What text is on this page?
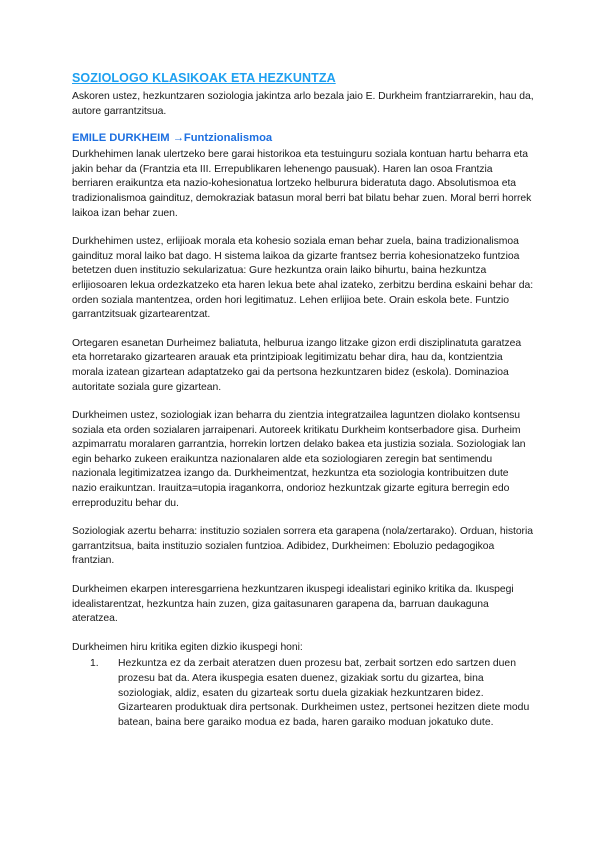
SOZIOLOGO KLASIKOAK ETA HEZKUNTZA

Askoren ustez, hezkuntzaren soziologia jakintza arlo bezala jaio E. Durkheim frantziarrarekin, hau da, autore garrantzitsua.

EMILE DURKHEIM →Funtzionalismoa

Durkhehimen lanak ulertzeko bere garai historikoa eta testuinguru soziala kontuan hartu beharra eta jakin behar da (Frantzia eta III. Errepublikaren lehenengo pausuak). Haren lan osoa Frantzia berriaren eraikuntza eta nazio-kohesionatua lortzeko helburura bideratuta dago. Absolutismoa eta tradizionalismoa gaindituz, demokraziak batasun moral berri bat bilatu behar zuen. Moral berri horrek laikoa izan behar zuen.

Durkhehimen ustez, erlijioak morala eta kohesio soziala eman behar zuela, baina tradizionalismoa gaindituz moral laiko bat dago. H sistema laikoa da gizarte frantsez berria kohesionatzeko funtzioa betetzen duen instituzio sekularizatua: Gure hezkuntza orain laiko bihurtu, baina hezkuntza erlijiosoaren lekua ordezkatzeko eta haren lekua bete ahal izateko, zerbitzu berdina eskaini behar da: orden soziala mantentzea, orden hori legitimatuz. Lehen erlijioa bete. Orain eskola bete. Funtzio garrantzitsuak gizartearentzat.

Ortegaren esanetan Durheimez baliatuta, helburua izango litzake gizon erdi disziplinatuta garatzea eta horretarako gizartearen arauak eta printzipioak legitimizatu behar dira, hau da, kontzientzia morala izatean gizartean adaptatzeko gai da pertsona hezkuntzaren bidez (eskola). Dominazioa autoritate soziala gure gizartean.

Durkheimen ustez, soziologiak izan beharra du zientzia integratzailea laguntzen diolako kontsensu soziala eta orden sozialaren jarraipenari. Autoreek kritikatu Durkheim kontserbadore gisa. Durheim azpimarratu moralaren garrantzia, horrekin lortzen delako bakea eta justizia soziala. Soziologiak lan egin beharko zukeen eraikuntza nazionalaren alde eta soziologiaren zeregin bat sentimendu nazionala legitimizatzea izango da. Durkheimentzat, hezkuntza eta soziologia kontribuitzen dute nazio eraikuntzan. Irauitza=utopia iragankorra, ondorioz hezkuntzak gizarte egitura berregin edo erreproduzitu behar du.

Soziologiak azertu beharra: instituzio sozialen sorrera eta garapena (nola/zertarako). Orduan, historia garrantzitsua, baita instituzio sozialen funtzioa. Adibidez, Durkheimen: Eboluzio pedagogikoa frantzian.

Durkheimen ekarpen interesgarriena hezkuntzaren ikuspegi idealistari eginiko kritika da. Ikuspegi idealistarentzat, hezkuntza hain zuzen, giza gaitasunaren garapena da, barruan daukaguna ateratzea.

Durkheimen hiru kritika egiten dizkio ikuspegi honi:

1. Hezkuntza ez da zerbait ateratzen duen prozesu bat, zerbait sortzen edo sartzen duen prozesu bat da. Atera ikuspegia esaten duenez, gizakiak sortu du gizartea, bina soziologiak, aldiz, esaten du gizarteak sortu duela gizakiak hezkuntzaren bidez. Gizartearen produktuak dira pertsonak. Durkheimen ustez, pertsonei hezitzen diete modu batean, baina bere garaiko modua ez bada, haren garaiko moduan jokatuko dute.
